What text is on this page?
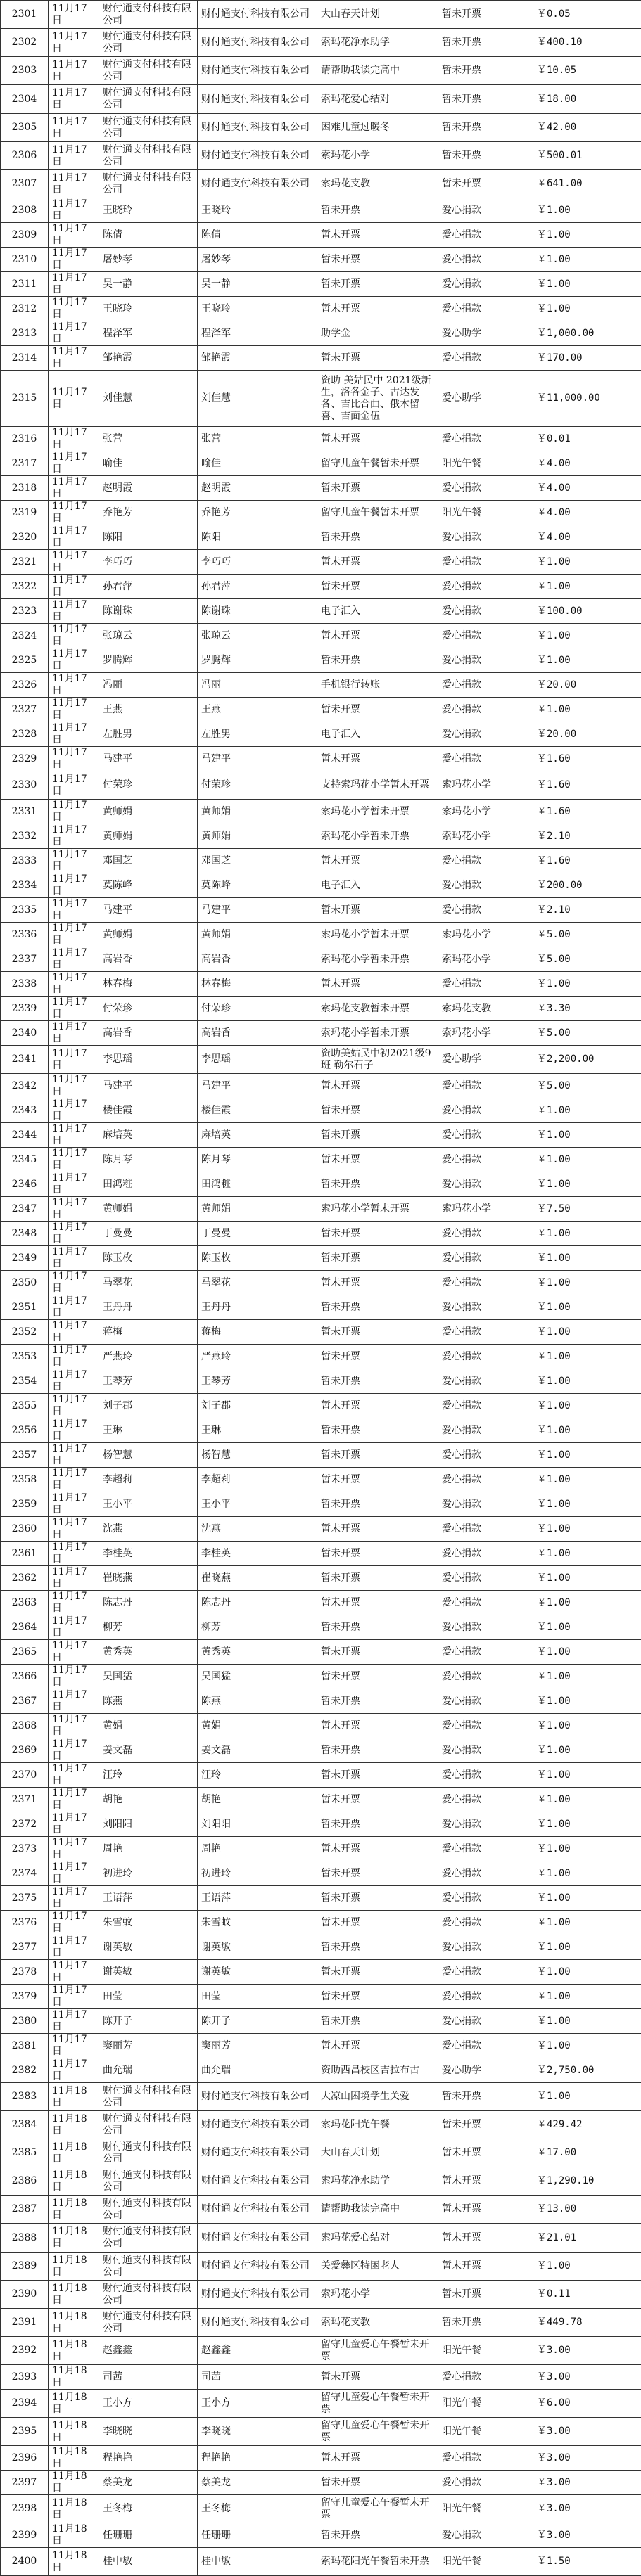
2301	11月17日	财付通支付科技有限公司	财付通支付科技有限公司	大山春天计划	暂未开票	￥0.05
2302	11月17日	财付通支付科技有限公司	财付通支付科技有限公司	索玛花净水助学	暂未开票	￥400.10
2303	11月17日	财付通支付科技有限公司	财付通支付科技有限公司	请帮助我读完高中	暂未开票	￥10.05
2304	11月17日	财付通支付科技有限公司	财付通支付科技有限公司	索玛花爱心结对	暂未开票	￥18.00
2305	11月17日	财付通支付科技有限公司	财付通支付科技有限公司	困难儿童过暖冬	暂未开票	￥42.00
2306	11月17日	财付通支付科技有限公司	财付通支付科技有限公司	索玛花小学	暂未开票	￥500.01
2307	11月17日	财付通支付科技有限公司	财付通支付科技有限公司	索玛花支教	暂未开票	￥641.00
2308	11月17日	王晓玲	王晓玲	暂未开票	爱心捐款	￥1.00
2309	11月17日	陈倩	陈倩	暂未开票	爱心捐款	￥1.00
2310	11月17日	屠妙琴	屠妙琴	暂未开票	爱心捐款	￥1.00
2311	11月17日	吴一静	吴一静	暂未开票	爱心捐款	￥1.00
2312	11月17日	王晓玲	王晓玲	暂未开票	爱心捐款	￥1.00
2313	11月17日	程泽军	程泽军	助学金	爱心助学	￥1,000.00
2314	11月17日	邹艳霞	邹艳霞	暂未开票	爱心捐款	￥170.00
2315	11月17日	刘佳慧	刘佳慧	资助 美姑民中 2021级新生，洛各金子、古达发各、吉比合曲、俄木留喜、吉面金伍	爱心助学	￥11,000.00
2316	11月17日	张营	张营	暂未开票	爱心捐款	￥0.01
2317	11月17日	喻佳	喻佳	留守儿童午餐暂未开票	阳光午餐	￥4.00
2318	11月17日	赵明霞	赵明霞	暂未开票	爱心捐款	￥4.00
2319	11月17日	乔艳芳	乔艳芳	留守儿童午餐暂未开票	阳光午餐	￥4.00
2320	11月17日	陈阳	陈阳	暂未开票	爱心捐款	￥4.00
2321	11月17日	李巧巧	李巧巧	暂未开票	爱心捐款	￥1.00
2322	11月17日	孙君萍	孙君萍	暂未开票	爱心捐款	￥1.00
2323	11月17日	陈谢珠	陈谢珠	电子汇入	爱心捐款	￥100.00
2324	11月17日	张琼云	张琼云	暂未开票	爱心捐款	￥1.00
2325	11月17日	罗腾辉	罗腾辉	暂未开票	爱心捐款	￥1.00
2326	11月17日	冯丽	冯丽	手机银行转账	爱心捐款	￥20.00
2327	11月17日	王燕	王燕	暂未开票	爱心捐款	￥1.00
2328	11月17日	左胜男	左胜男	电子汇入	爱心捐款	￥20.00
2329	11月17日	马建平	马建平	暂未开票	爱心捐款	￥1.60
2330	11月17日	付荣珍	付荣珍	支持索玛花小学暂未开票	索玛花小学	￥1.60
2331	11月17日	黄师娟	黄师娟	索玛花小学暂未开票	索玛花小学	￥1.60
2332	11月17日	黄师娟	黄师娟	索玛花小学暂未开票	索玛花小学	￥2.10
2333	11月17日	邓国芝	邓国芝	暂未开票	爱心捐款	￥1.60
2334	11月17日	莫陈峰	莫陈峰	电子汇入	爱心捐款	￥200.00
2335	11月17日	马建平	马建平	暂未开票	爱心捐款	￥2.10
2336	11月17日	黄师娟	黄师娟	索玛花小学暂未开票	索玛花小学	￥5.00
2337	11月17日	高岩香	高岩香	索玛花小学暂未开票	索玛花小学	￥5.00
2338	11月17日	林春梅	林春梅	暂未开票	爱心捐款	￥1.00
2339	11月17日	付荣珍	付荣珍	索玛花支教暂未开票	索玛花支教	￥3.30
2340	11月17日	高岩香	高岩香	索玛花小学暂未开票	索玛花小学	￥5.00
2341	11月17日	李思瑶	李思瑶	资助美姑民中初2021级9班 勒尔石子	爱心助学	￥2,200.00
2342	11月17日	马建平	马建平	暂未开票	爱心捐款	￥5.00
2343	11月17日	楼佳霞	楼佳霞	暂未开票	爱心捐款	￥1.00
2344	11月17日	麻培英	麻培英	暂未开票	爱心捐款	￥1.00
2345	11月17日	陈月琴	陈月琴	暂未开票	爱心捐款	￥1.00
2346	11月17日	田鸿粧	田鸿粧	暂未开票	爱心捐款	￥1.00
2347	11月17日	黄师娟	黄师娟	索玛花小学暂未开票	索玛花小学	￥7.50
2348	11月17日	丁曼曼	丁曼曼	暂未开票	爱心捐款	￥1.00
2349	11月17日	陈玉枚	陈玉枚	暂未开票	爱心捐款	￥1.00
2350	11月17日	马翠花	马翠花	暂未开票	爱心捐款	￥1.00
2351	11月17日	王丹丹	王丹丹	暂未开票	爱心捐款	￥1.00
2352	11月17日	蒋梅	蒋梅	暂未开票	爱心捐款	￥1.00
2353	11月17日	严燕玲	严燕玲	暂未开票	爱心捐款	￥1.00
2354	11月17日	王琴芳	王琴芳	暂未开票	爱心捐款	￥1.00
2355	11月17日	刘子郡	刘子郡	暂未开票	爱心捐款	￥1.00
2356	11月17日	王琳	王琳	暂未开票	爱心捐款	￥1.00
2357	11月17日	杨智慧	杨智慧	暂未开票	爱心捐款	￥1.00
2358	11月17日	李超莉	李超莉	暂未开票	爱心捐款	￥1.00
2359	11月17日	王小平	王小平	暂未开票	爱心捐款	￥1.00
2360	11月17日	沈燕	沈燕	暂未开票	爱心捐款	￥1.00
2361	11月17日	李桂英	李桂英	暂未开票	爱心捐款	￥1.00
2362	11月17日	崔晓燕	崔晓燕	暂未开票	爱心捐款	￥1.00
2363	11月17日	陈志丹	陈志丹	暂未开票	爱心捐款	￥1.00
2364	11月17日	柳芳	柳芳	暂未开票	爱心捐款	￥1.00
2365	11月17日	黄秀英	黄秀英	暂未开票	爱心捐款	￥1.00
2366	11月17日	吴国猛	吴国猛	暂未开票	爱心捐款	￥1.00
2367	11月17日	陈燕	陈燕	暂未开票	爱心捐款	￥1.00
2368	11月17日	黄娟	黄娟	暂未开票	爱心捐款	￥1.00
2369	11月17日	姜文磊	姜文磊	暂未开票	爱心捐款	￥1.00
2370	11月17日	汪玲	汪玲	暂未开票	爱心捐款	￥1.00
2371	11月17日	胡艳	胡艳	暂未开票	爱心捐款	￥1.00
2372	11月17日	刘阳阳	刘阳阳	暂未开票	爱心捐款	￥1.00
2373	11月17日	周艳	周艳	暂未开票	爱心捐款	￥1.00
2374	11月17日	初进玲	初进玲	暂未开票	爱心捐款	￥1.00
2375	11月17日	王语萍	王语萍	暂未开票	爱心捐款	￥1.00
2376	11月17日	朱雪蚊	朱雪蚊	暂未开票	爱心捐款	￥1.00
2377	11月17日	谢英敏	谢英敏	暂未开票	爱心捐款	￥1.00
2378	11月17日	谢英敏	谢英敏	暂未开票	爱心捐款	￥1.00
2379	11月17日	田莹	田莹	暂未开票	爱心捐款	￥1.00
2380	11月17日	陈开子	陈开子	暂未开票	爱心捐款	￥1.00
2381	11月17日	窦丽芳	窦丽芳	暂未开票	爱心捐款	￥1.00
2382	11月17日	曲允瑞	曲允瑞	资助西昌校区吉拉布古	爱心助学	￥2,750.00
2383	11月18日	财付通支付科技有限公司	财付通支付科技有限公司	大凉山困境学生关爱	暂未开票	￥1.00
2384	11月18日	财付通支付科技有限公司	财付通支付科技有限公司	索玛花阳光午餐	暂未开票	￥429.42
2385	11月18日	财付通支付科技有限公司	财付通支付科技有限公司	大山春天计划	暂未开票	￥17.00
2386	11月18日	财付通支付科技有限公司	财付通支付科技有限公司	索玛花净水助学	暂未开票	￥1,290.10
2387	11月18日	财付通支付科技有限公司	财付通支付科技有限公司	请帮助我读完高中	暂未开票	￥13.00
2388	11月18日	财付通支付科技有限公司	财付通支付科技有限公司	索玛花爱心结对	暂未开票	￥21.01
2389	11月18日	财付通支付科技有限公司	财付通支付科技有限公司	关爱彝区特困老人	暂未开票	￥1.00
2390	11月18日	财付通支付科技有限公司	财付通支付科技有限公司	索玛花小学	暂未开票	￥0.11
2391	11月18日	财付通支付科技有限公司	财付通支付科技有限公司	索玛花支教	暂未开票	￥449.78
2392	11月18日	赵鑫鑫	赵鑫鑫	留守儿童爱心午餐暂未开票	阳光午餐	￥3.00
2393	11月18日	司茜	司茜	暂未开票	爱心捐款	￥3.00
2394	11月18日	王小方	王小方	留守儿童爱心午餐暂未开票	阳光午餐	￥6.00
2395	11月18日	李晓晓	李晓晓	留守儿童爱心午餐暂未开票	阳光午餐	￥3.00
2396	11月18日	程艳艳	程艳艳	暂未开票	爱心捐款	￥3.00
2397	11月18日	蔡美龙	蔡美龙	暂未开票	爱心捐款	￥3.00
2398	11月18日	王冬梅	王冬梅	留守儿童爱心午餐暂未开票	阳光午餐	￥3.00
2399	11月18日	任珊珊	任珊珊	暂未开票	爱心捐款	￥3.00
2400	11月18日	桂中敏	桂中敏	索玛花阳光午餐暂未开票	阳光午餐	￥1.50
